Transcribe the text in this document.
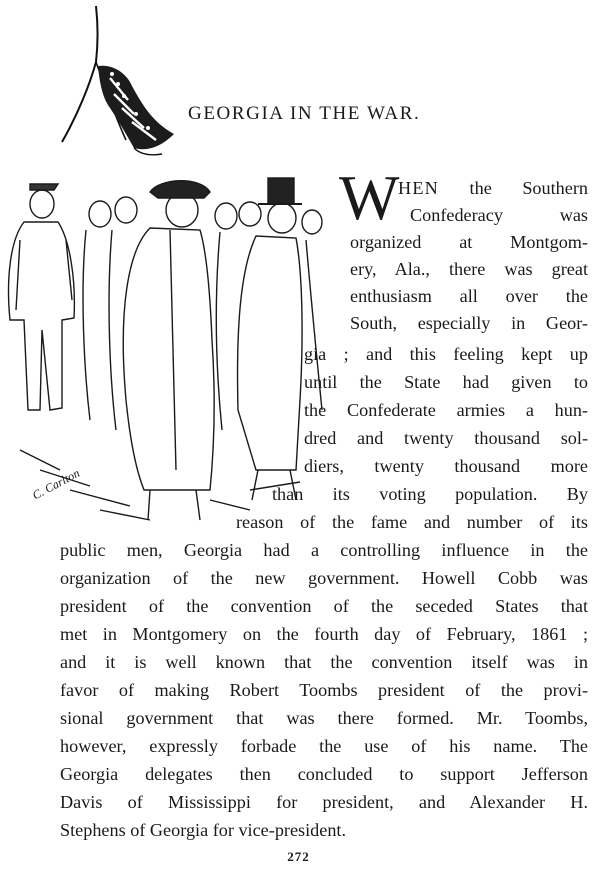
GEORGIA IN THE WAR.
C. Carlton
W
HEN the Southern
Confederacy was
organized at Montgom-
ery, Ala., there was great
enthusiasm all over the
South, especially in Geor-
gia ; and this feeling kept up
until the State had given to
the Confederate armies a hun-
dred and twenty thousand sol-
diers, twenty thousand more
than its voting population. By
reason of the fame and number of its
public men, Georgia had a controlling influence in the
organization of the new government. Howell Cobb was
president of the convention of the seceded States that
met in Montgomery on the fourth day of February, 1861 ;
and it is well known that the convention itself was in
favor of making Robert Toombs president of the provi-
sional government that was there formed. Mr. Toombs,
however, expressly forbade the use of his name. The
Georgia delegates then concluded to support Jefferson
Davis of Mississippi for president, and Alexander H.
Stephens of Georgia for vice-president.
272
